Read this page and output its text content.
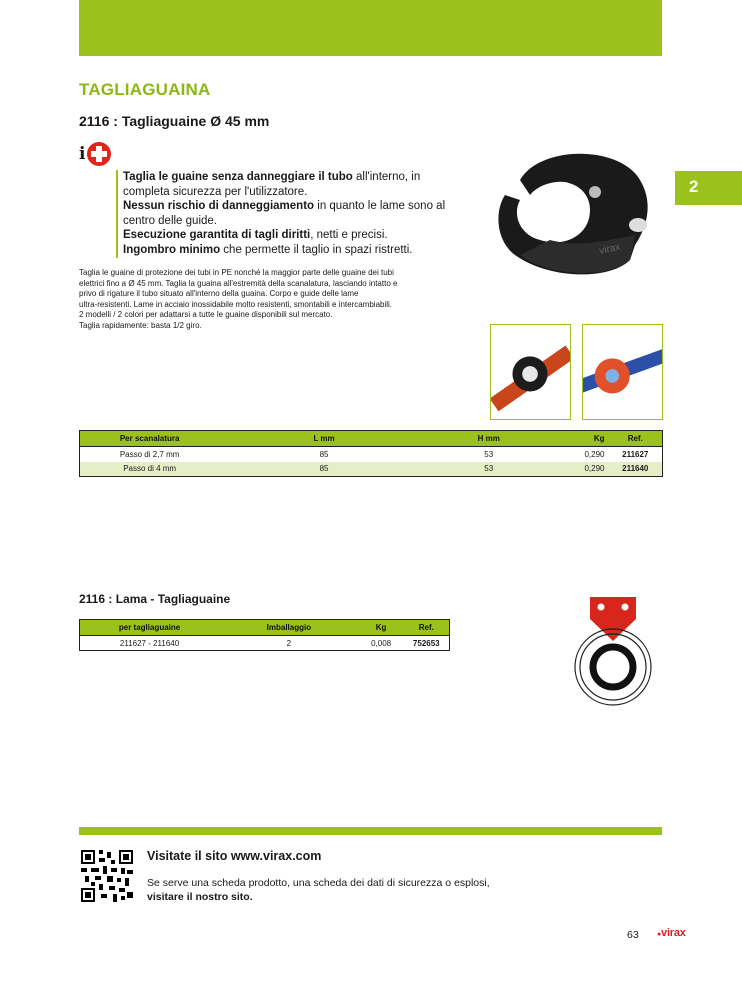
2
TAGLIAGUAINA
2116 : Tagliaguaine Ø 45 mm
i
Taglia le guaine senza danneggiare il tubo all'interno, in completa sicurezza per l'utilizzatore.
Nessun rischio di danneggiamento in quanto le lame sono al centro delle guide.
Esecuzione garantita di tagli diritti, netti e precisi.
Ingombro minimo che permette il taglio in spazi ristretti.

Taglia le guaine di protezione dei tubi in PE nonché la maggior parte delle guaine dei tubi

elettrici fino a Ø 45 mm. Taglia la guaina all'estremità della scanalatura, lasciando intatto e

privo di rigature il tubo situato all'interno della guaina. Corpo e guide delle lame

ultra-resistenti. Lame in acciaio inossidabile molto resistenti, smontabili e intercambiabili.

2 modelli / 2 colori per adattarsi a tutte le guaine disponibili sul mercato.

Taglia rapidamente: basta 1/2 giro.

virax
Per scanalatura	L mm	H mm	Kg	Ref.
Passo di 2,7 mm	85	53	0,290	211627
Passo di 4 mm	85	53	0,290	211640
2116 : Lama - Tagliaguaine
per tagliaguaine	Imballaggio	Kg	Ref.
211627 - 211640	2	0,008	752653
Visitate il sito www.virax.com
Se serve una scheda prodotto, una scheda dei dati di sicurezza o esplosi,
visitare il nostro sito.
63	●virax
